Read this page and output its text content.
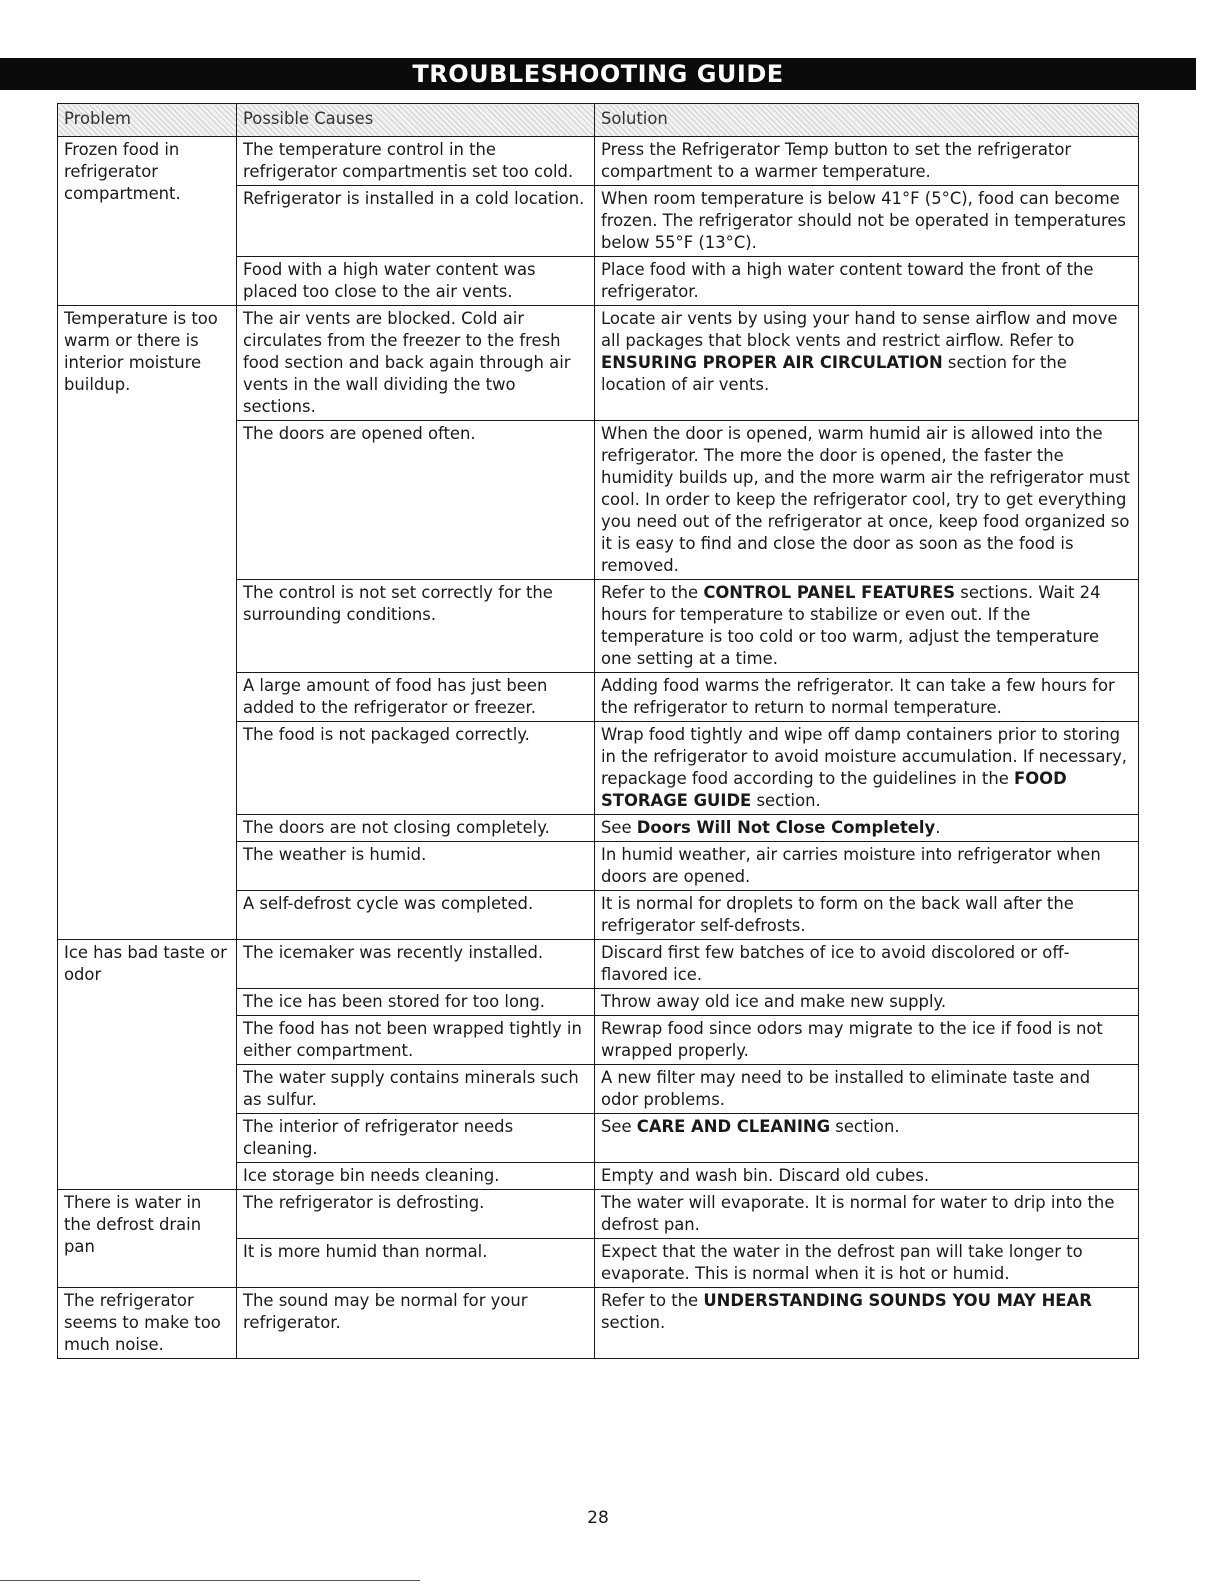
TROUBLESHOOTING GUIDE
Problem	Possible Causes	Solution
Frozen food in refrigerator compartment.	The temperature control in the refrigerator compartmentis set too cold.	Press the Refrigerator Temp button to set the refrigerator compartment to a warmer temperature.
	Refrigerator is installed in a cold location.	When room temperature is below 41°F (5°C), food can become frozen. The refrigerator should not be operated in temperatures below 55°F (13°C).
	Food with a high water content was placed too close to the air vents.	Place food with a high water content toward the front of the refrigerator.
Temperature is too warm or there is interior moisture buildup.	The air vents are blocked. Cold air circulates from the freezer to the fresh food section and back again through air vents in the wall dividing the two sections.	Locate air vents by using your hand to sense airflow and move all packages that block vents and restrict airflow. Refer to ENSURING PROPER AIR CIRCULATION section for the location of air vents.
	The doors are opened often.	When the door is opened, warm humid air is allowed into the refrigerator. The more the door is opened, the faster the humidity builds up, and the more warm air the refrigerator must cool. In order to keep the refrigerator cool, try to get everything you need out of the refrigerator at once, keep food organized so it is easy to find and close the door as soon as the food is removed.
	The control is not set correctly for the surrounding conditions.	Refer to the CONTROL PANEL FEATURES sections. Wait 24 hours for temperature to stabilize or even out. If the temperature is too cold or too warm, adjust the temperature one setting at a time.
	A large amount of food has just been added to the refrigerator or freezer.	Adding food warms the refrigerator. It can take a few hours for the refrigerator to return to normal temperature.
	The food is not packaged correctly.	Wrap food tightly and wipe off damp containers prior to storing in the refrigerator to avoid moisture accumulation. If necessary, repackage food according to the guidelines in the FOOD STORAGE GUIDE section.
	The doors are not closing completely.	See Doors Will Not Close Completely.
	The weather is humid.	In humid weather, air carries moisture into refrigerator when doors are opened.
	A self-defrost cycle was completed.	It is normal for droplets to form on the back wall after the refrigerator self-defrosts.
Ice has bad taste or odor	The icemaker was recently installed.	Discard first few batches of ice to avoid discolored or off-flavored ice.
	The ice has been stored for too long.	Throw away old ice and make new supply.
	The food has not been wrapped tightly in either compartment.	Rewrap food since odors may migrate to the ice if food is not wrapped properly.
	The water supply contains minerals such as sulfur.	A new filter may need to be installed to eliminate taste and odor problems.
	The interior of refrigerator needs cleaning.	See CARE AND CLEANING section.
	Ice storage bin needs cleaning.	Empty and wash bin. Discard old cubes.
There is water in the defrost drain pan	The refrigerator is defrosting.	The water will evaporate. It is normal for water to drip into the defrost pan.
	It is more humid than normal.	Expect that the water in the defrost pan will take longer to evaporate. This is normal when it is hot or humid.
The refrigerator seems to make too much noise.	The sound may be normal for your refrigerator.	Refer to the UNDERSTANDING SOUNDS YOU MAY HEAR section.
28
